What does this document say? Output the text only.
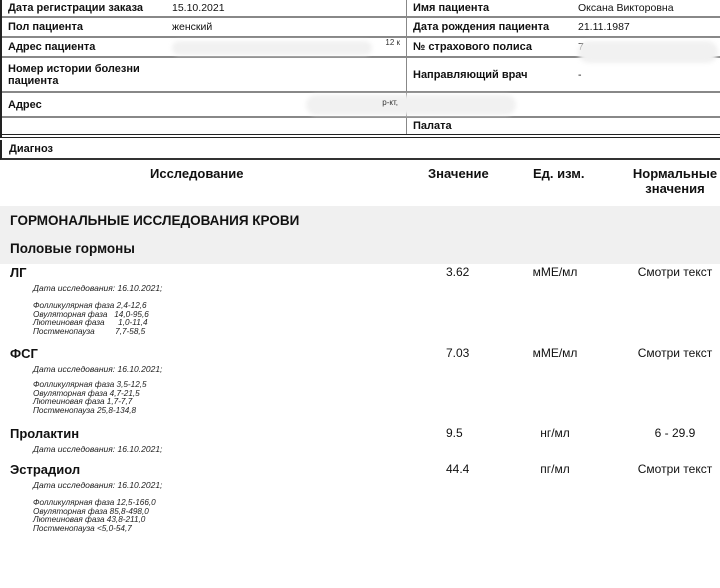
Дата регистрации заказа	15.10.2021	Имя пациента	Оксана Викторовна
Пол пациента	женский	Дата рождения пациента	21.11.1987
Адрес пациента	12 к	№ страхового полиса
Номер истории болезни пациента	Направляющий врач	-
Адрес	р-кт,
Палата
Диагноз
Исследование	Значение	Ед. изм.	Нормальные значения
ГОРМОНАЛЬНЫЕ ИССЛЕДОВАНИЯ КРОВИ
Половые гормоны
ЛГ	3.62	мМЕ/мл	Смотри текст
Дата исследования: 16.10.2021;
Фолликулярная фаза 2,4-12,6
Овуляторная фаза   14,0-95,6
Лютеиновая фаза      1,0-11,4
Постменопауза         7,7-58,5
ФСГ	7.03	мМЕ/мл	Смотри текст
Дата исследования: 16.10.2021;
Фолликулярная фаза 3,5-12,5
Овуляторная фаза 4,7-21,5
Лютеиновая фаза 1,7-7,7
Постменопауза 25,8-134,8
Пролактин	9.5	нг/мл	6 - 29.9
Дата исследования: 16.10.2021;
Эстрадиол	44.4	пг/мл	Смотри текст
Дата исследования: 16.10.2021;
Фолликулярная фаза 12,5-166,0
Овуляторная фаза 85,8-498,0
Лютеиновая фаза 43,8-211,0
Постменопауза <5,0-54,7
